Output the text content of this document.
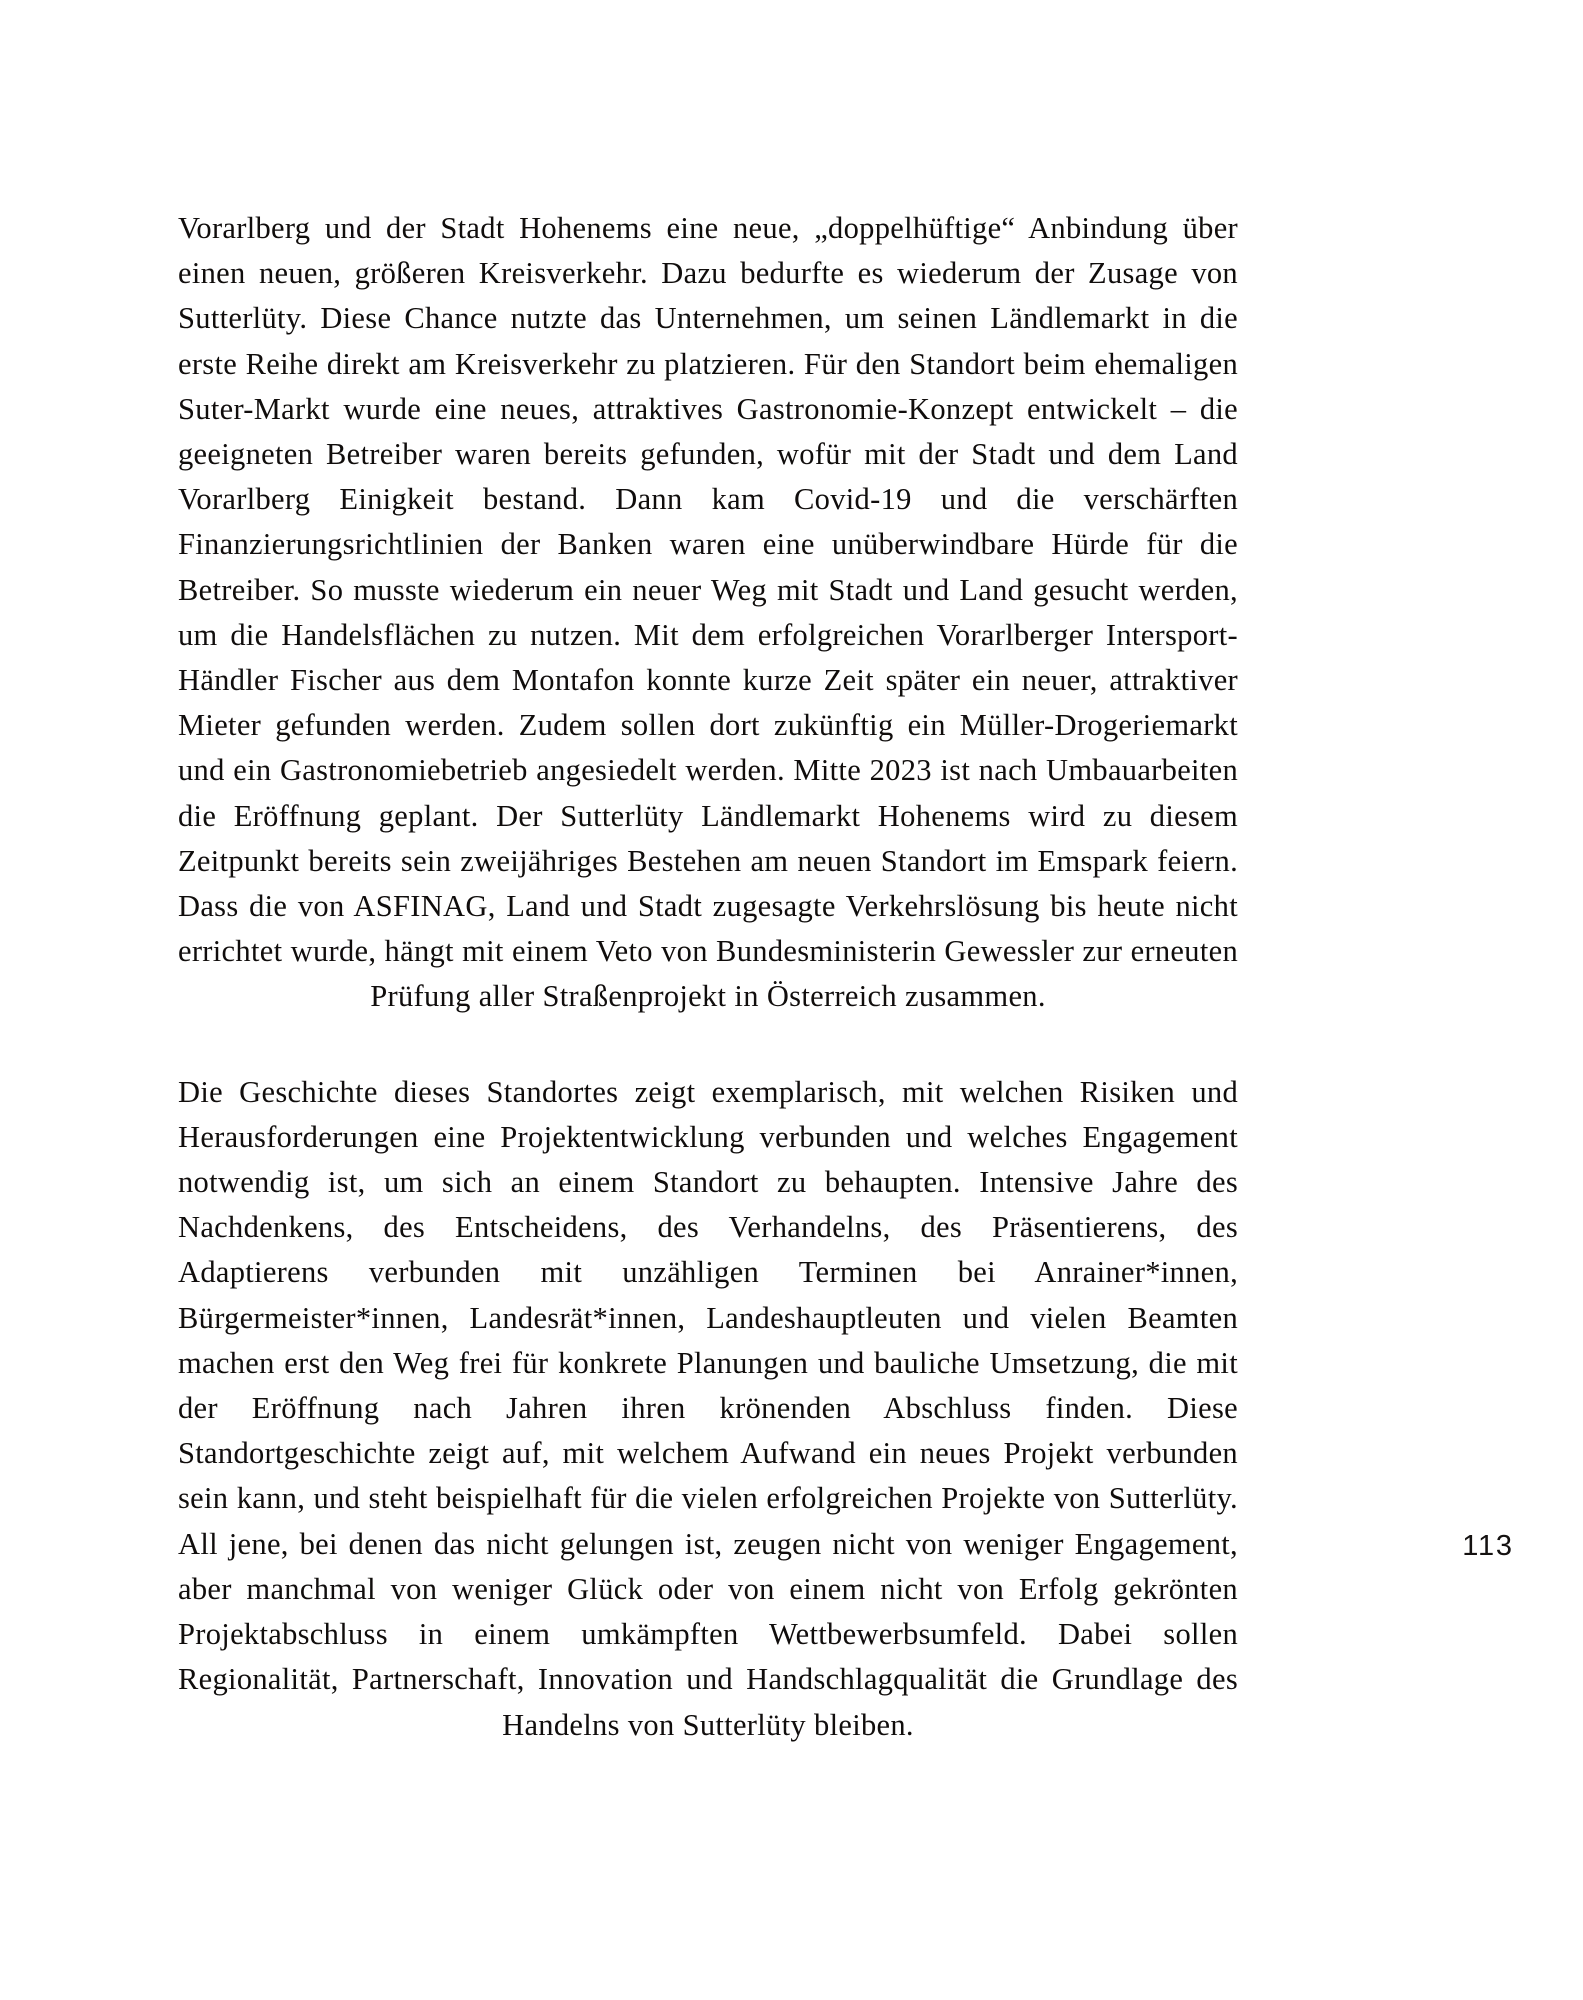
Vorarlberg und der Stadt Hohenems eine neue, „doppelhüftige“ Anbindung über einen neuen, größeren Kreisverkehr. Dazu bedurfte es wiederum der Zusage von Sutterlüty. Diese Chance nutzte das Unternehmen, um seinen Ländlemarkt in die erste Reihe direkt am Kreisverkehr zu platzieren. Für den Standort beim ehemaligen Suter-Markt wurde eine neues, attraktives Gastronomie-Konzept entwickelt – die geeigneten Betreiber waren bereits gefunden, wofür mit der Stadt und dem Land Vorarlberg Einigkeit bestand. Dann kam Covid-19 und die verschärften Finanzierungsrichtlinien der Banken waren eine unüberwindbare Hürde für die Betreiber. So musste wiederum ein neuer Weg mit Stadt und Land gesucht werden, um die Handelsflächen zu nutzen. Mit dem erfolgreichen Vorarlberger Intersport-Händler Fischer aus dem Montafon konnte kurze Zeit später ein neuer, attraktiver Mieter gefunden werden. Zudem sollen dort zukünftig ein Müller-Drogeriemarkt und ein Gastronomiebetrieb angesiedelt werden. Mitte 2023 ist nach Umbauarbeiten die Eröffnung geplant. Der Sutterlüty Ländlemarkt Hohenems wird zu diesem Zeitpunkt bereits sein zweijähriges Bestehen am neuen Standort im Emspark feiern. Dass die von ASFINAG, Land und Stadt zugesagte Verkehrslösung bis heute nicht errichtet wurde, hängt mit einem Veto von Bundesministerin Gewessler zur erneuten Prüfung aller Straßenprojekt in Österreich zusammen.

Die Geschichte dieses Standortes zeigt exemplarisch, mit welchen Risiken und Herausforderungen eine Projektentwicklung verbunden und welches Engagement notwendig ist, um sich an einem Standort zu behaupten. Intensive Jahre des Nachdenkens, des Entscheidens, des Verhandelns, des Präsentierens, des Adaptierens verbunden mit unzähligen Terminen bei Anrainer*innen, Bürgermeister*innen, Landesrät*innen, Landeshauptleuten und vielen Beamten machen erst den Weg frei für konkrete Planungen und bauliche Umsetzung, die mit der Eröffnung nach Jahren ihren krönenden Abschluss finden. Diese Standortgeschichte zeigt auf, mit welchem Aufwand ein neues Projekt verbunden sein kann, und steht beispielhaft für die vielen erfolgreichen Projekte von Sutterlüty. All jene, bei denen das nicht gelungen ist, zeugen nicht von weniger Engagement, aber manchmal von weniger Glück oder von einem nicht von Erfolg gekrönten Projektabschluss in einem umkämpften Wettbewerbsumfeld. Dabei sollen Regionalität, Partnerschaft, Innovation und Handschlagqualität die Grundlage des Handelns von Sutterlüty bleiben.

113
